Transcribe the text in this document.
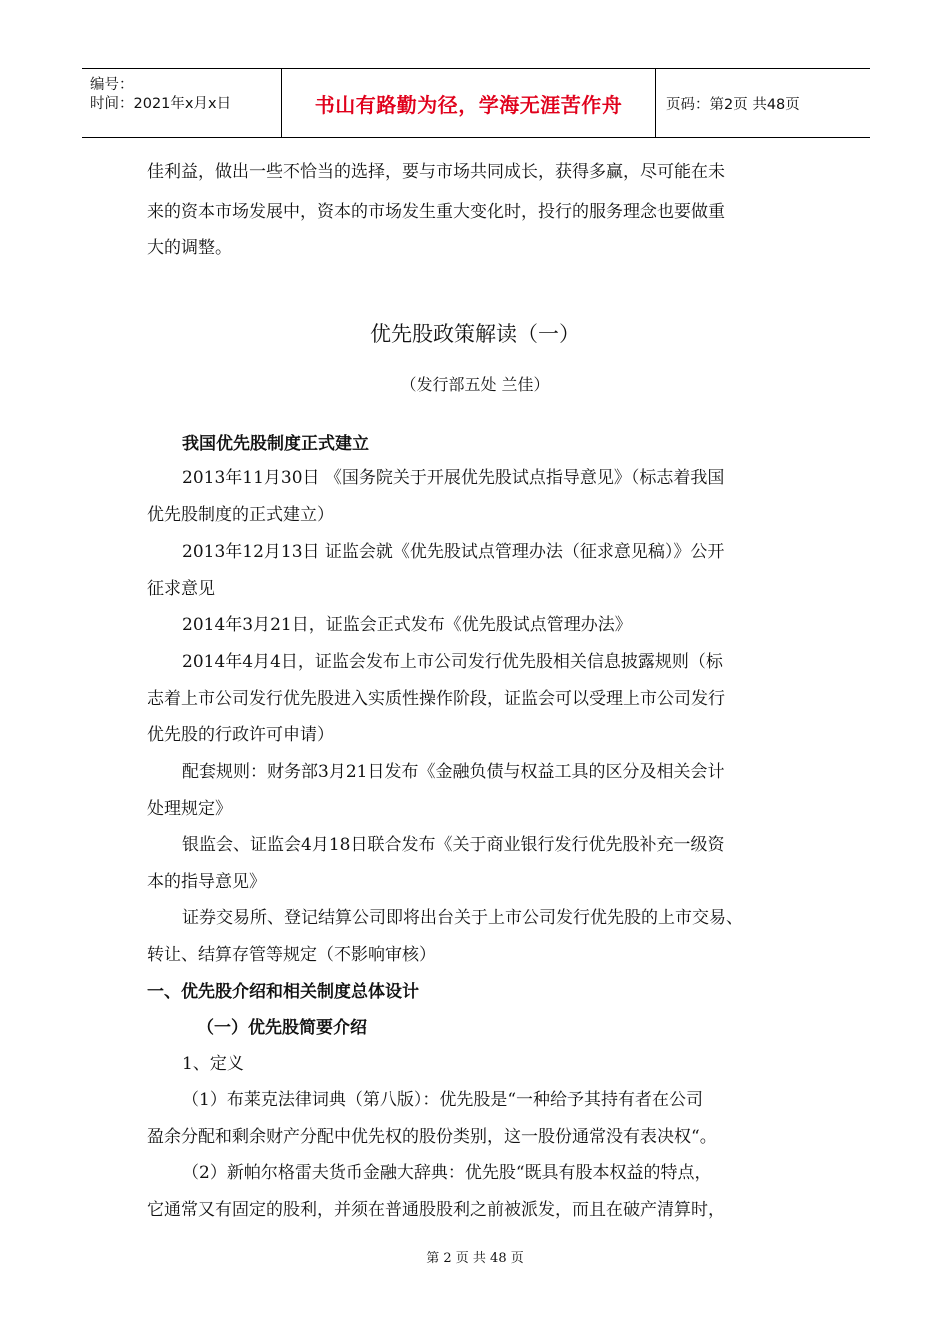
编号：
时间：2021年x月x日	书山有路勤为径，学海无涯苦作舟	页码：第2页 共48页
佳利益，做出一些不恰当的选择，要与市场共同成长，获得多赢，尽可能在未
来的资本市场发展中，资本的市场发生重大变化时，投行的服务理念也要做重
大的调整。
优先股政策解读（一）
（发行部五处 兰佳）
我国优先股制度正式建立
2013年11月30日 《国务院关于开展优先股试点指导意见》（标志着我国
优先股制度的正式建立）
2013年12月13日 证监会就《优先股试点管理办法（征求意见稿）》公开
征求意见
2014年3月21日，证监会正式发布《优先股试点管理办法》
2014年4月4日，证监会发布上市公司发行优先股相关信息披露规则（标
志着上市公司发行优先股进入实质性操作阶段，证监会可以受理上市公司发行
优先股的行政许可申请）
配套规则：财务部3月21日发布《金融负债与权益工具的区分及相关会计
处理规定》
银监会、证监会4月18日联合发布《关于商业银行发行优先股补充一级资
本的指导意见》
证券交易所、登记结算公司即将出台关于上市公司发行优先股的上市交易、
转让、结算存管等规定（不影响审核）
一、优先股介绍和相关制度总体设计
（一）优先股简要介绍
1、定义
（1）布莱克法律词典（第八版）：优先股是“一种给予其持有者在公司
盈余分配和剩余财产分配中优先权的股份类别，这一股份通常没有表决权“。
（2）新帕尔格雷夫货币金融大辞典：优先股“既具有股本权益的特点，
它通常又有固定的股利，并须在普通股股利之前被派发，而且在破产清算时，
第 2 页 共 48 页
